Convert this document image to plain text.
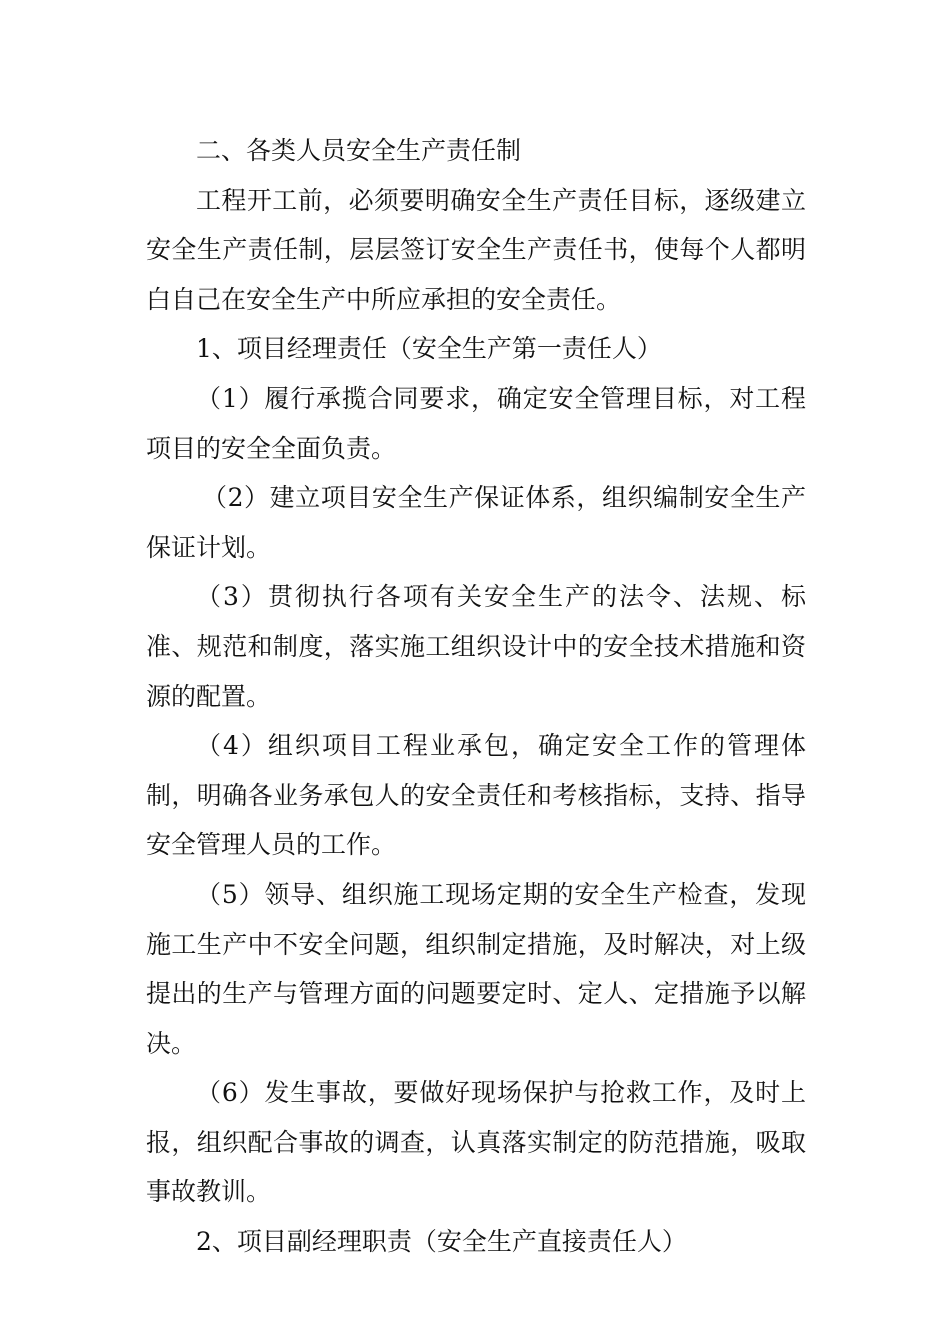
二、各类人员安全生产责任制

工程开工前，必须要明确安全生产责任目标，逐级建立安全生产责任制，层层签订安全生产责任书，使每个人都明白自己在安全生产中所应承担的安全责任。

1、项目经理责任（安全生产第一责任人）

（1）履行承揽合同要求，确定安全管理目标，对工程项目的安全全面负责。

（2）建立项目安全生产保证体系，组织编制安全生产保证计划。

（3）贯彻执行各项有关安全生产的法令、法规、标准、规范和制度，落实施工组织设计中的安全技术措施和资源的配置。

（4）组织项目工程业承包，确定安全工作的管理体制，明确各业务承包人的安全责任和考核指标，支持、指导安全管理人员的工作。

（5）领导、组织施工现场定期的安全生产检查，发现施工生产中不安全问题，组织制定措施，及时解决，对上级提出的生产与管理方面的问题要定时、定人、定措施予以解决。

（6）发生事故，要做好现场保护与抢救工作，及时上报，组织配合事故的调查，认真落实制定的防范措施，吸取事故教训。

2、项目副经理职责（安全生产直接责任人）
